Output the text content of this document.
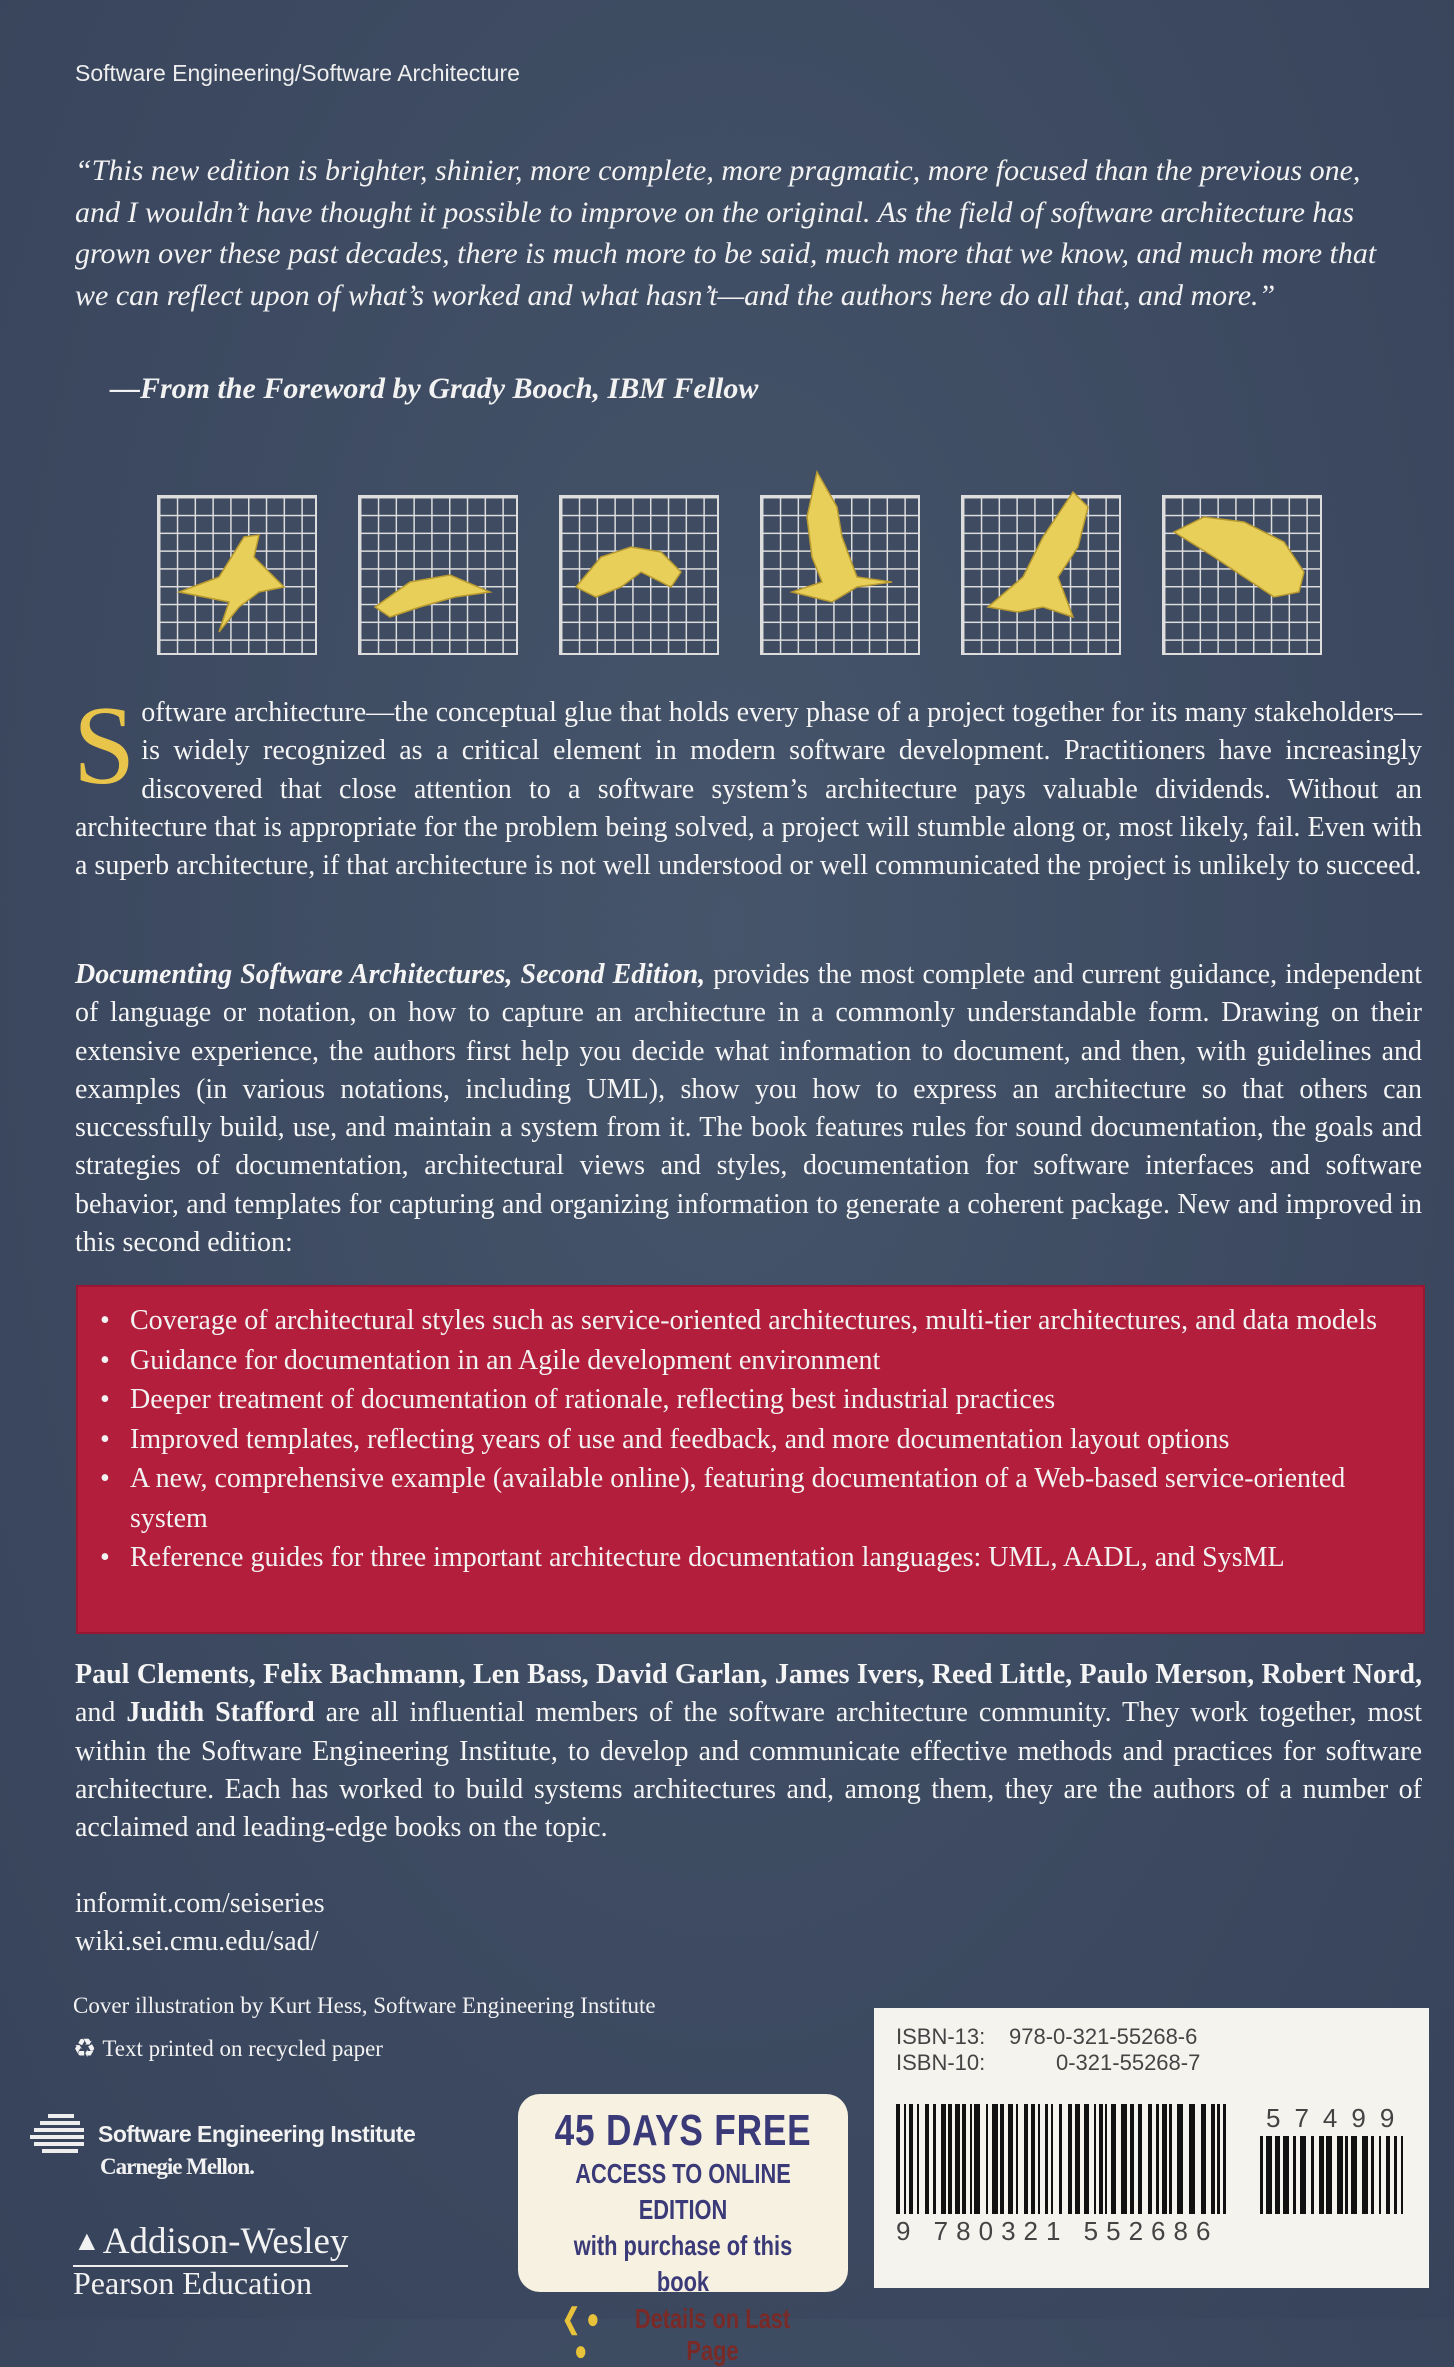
Software Engineering/Software Architecture
“This new edition is brighter, shinier, more complete, more pragmatic, more focused than the previous one, and I wouldn’t have thought it possible to improve on the original. As the field of software architecture has grown over these past decades, there is much more to be said, much more that we know, and much more that we can reflect upon of what’s worked and what hasn’t—and the authors here do all that, and more.”
—From the Foreword by Grady Booch, IBM Fellow
Software architecture—the conceptual glue that holds every phase of a project together for its many stakeholders—is widely recognized as a critical element in modern software development. Practitioners have increasingly discovered that close attention to a software system’s architecture pays valuable dividends. Without an architecture that is appropriate for the problem being solved, a project will stumble along or, most likely, fail. Even with a superb architecture, if that architecture is not well understood or well communicated the project is unlikely to succeed.
Documenting Software Architectures, Second Edition, provides the most complete and current guidance, independent of language or notation, on how to capture an architecture in a commonly understandable form. Drawing on their extensive experience, the authors first help you decide what information to document, and then, with guidelines and examples (in various notations, including UML), show you how to express an architecture so that others can successfully build, use, and maintain a system from it. The book features rules for sound documentation, the goals and strategies of documentation, architectural views and styles, documentation for software interfaces and software behavior, and templates for capturing and organizing information to generate a coherent package. New and improved in this second edition:
• Coverage of architectural styles such as service-oriented architectures, multi-tier architectures, and data models
• Guidance for documentation in an Agile development environment
• Deeper treatment of documentation of rationale, reflecting best industrial practices
• Improved templates, reflecting years of use and feedback, and more documentation layout options
• A new, comprehensive example (available online), featuring documentation of a Web-based service-oriented system
• Reference guides for three important architecture documentation languages: UML, AADL, and SysML
Paul Clements, Felix Bachmann, Len Bass, David Garlan, James Ivers, Reed Little, Paulo Merson, Robert Nord, and Judith Stafford are all influential members of the software architecture community. They work together, most within the Software Engineering Institute, to develop and communicate effective methods and practices for software architecture. Each has worked to build systems architectures and, among them, they are the authors of a number of acclaimed and leading-edge books on the topic.
informit.com/seiseries
wiki.sei.cmu.edu/sad/
Cover illustration by Kurt Hess, Software Engineering Institute
♻ Text printed on recycled paper
Software Engineering Institute
Carnegie Mellon.
▲ Addison-Wesley
Pearson Education
45 DAYS FREE
ACCESS TO ONLINE EDITION
with purchase of this book
❮ ● ●
Details on Last Page
ISBN-13: 978-0-321-55268-6
ISBN-10:	0-321-55268-7
57499
9 780321 552686
